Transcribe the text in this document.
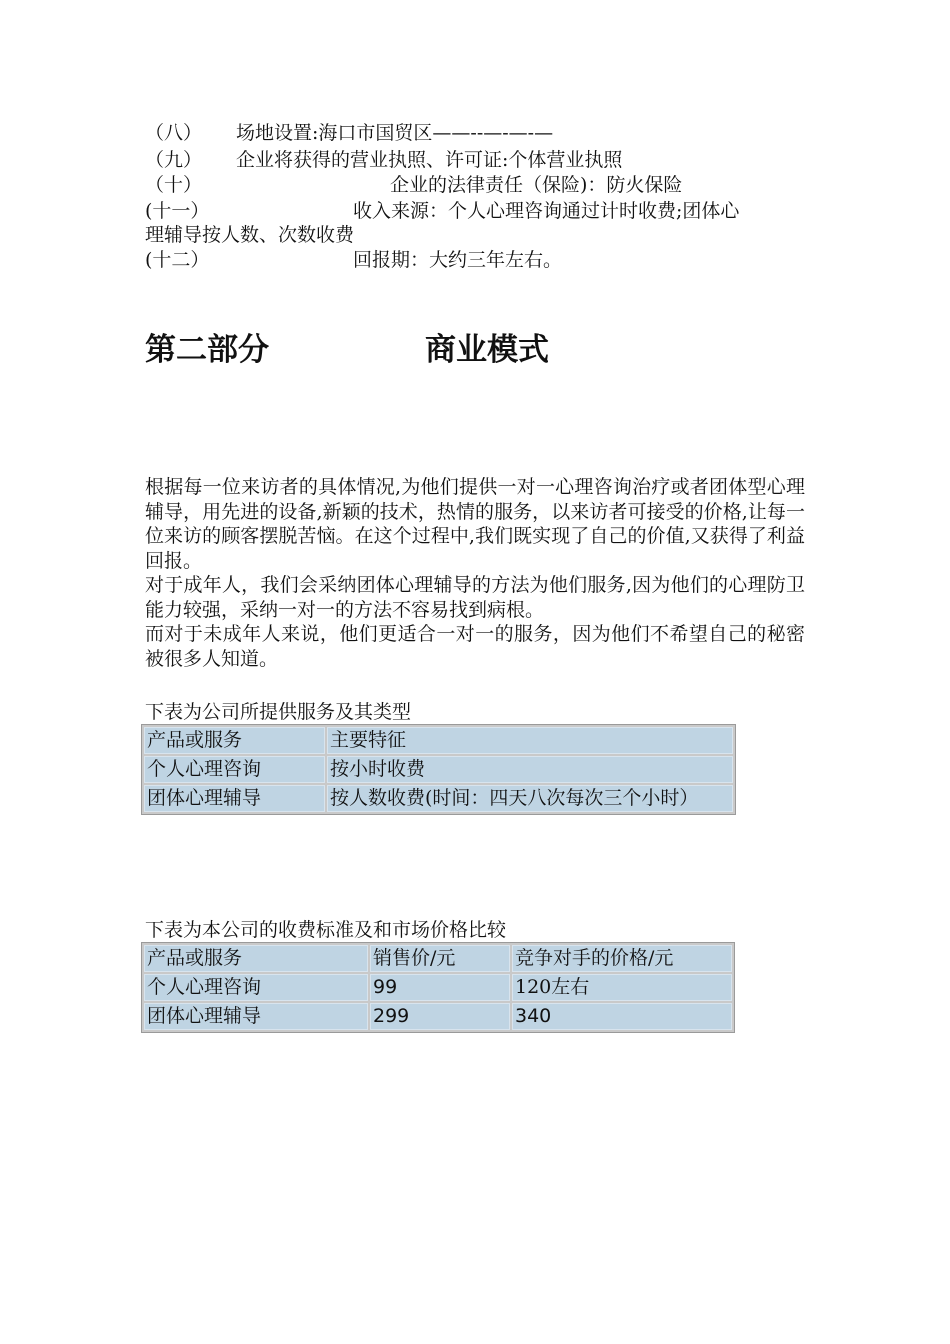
（八） 场地设置:海口市国贸区——--—-—-—
（九） 企业将获得的营业执照、许可证:个体营业执照
（十）	企业的法律责任（保险)：防火保险
(十一）	收入来源：个人心理咨询通过计时收费;团体心
理辅导按人数、次数收费
(十二）	回报期：大约三年左右。
第二部分	商业模式
根据每一位来访者的具体情况,为他们提供一对一心理咨询治疗或者团体型心理辅导，用先进的设备,新颖的技术，热情的服务，以来访者可接受的价格,让每一位来访的顾客摆脱苦恼。在这个过程中,我们既实现了自己的价值,又获得了利益回报。
对于成年人，我们会采纳团体心理辅导的方法为他们服务,因为他们的心理防卫能力较强，采纳一对一的方法不容易找到病根。
而对于未成年人来说，他们更适合一对一的服务，因为他们不希望自己的秘密被很多人知道。
下表为公司所提供服务及其类型
产品或服务	主要特征
个人心理咨询	按小时收费
团体心理辅导	按人数收费(时间：四天八次每次三个小时）
下表为本公司的收费标准及和市场价格比较
产品或服务	销售价/元	竞争对手的价格/元
个人心理咨询	99	120左右
团体心理辅导	299	340
